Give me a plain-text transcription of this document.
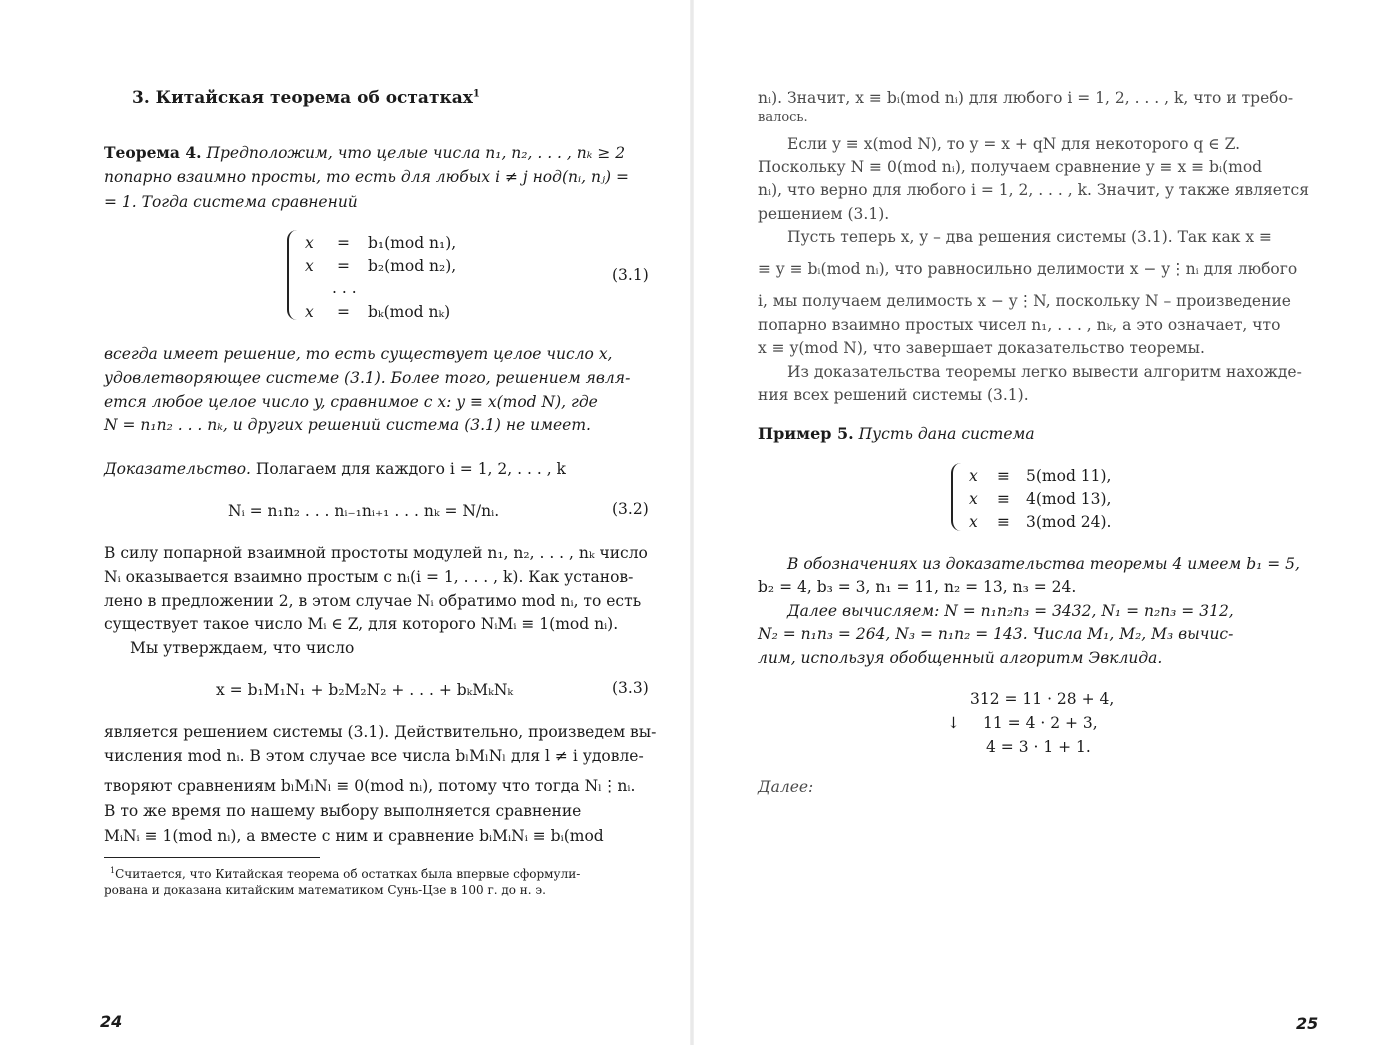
3. Китайская теорема об остатках$^1$
Теорема 4. Предположим, что целые числа n₁, n₂, . . . , nₖ ≥ 2
попарно взаимно просты, то есть для любых i ≠ j нод(nᵢ, nⱼ) =
= 1. Тогда система сравнений
x = b₁(mod n₁),
x = b₂(mod n₂),
. . .
x = bₖ(mod nₖ)
(3.1)
всегда имеет решение, то есть существует целое число x,
удовлетворяющее системе (3.1). Более того, решением явля-
ется любое целое число y, сравнимое с x: y ≡ x(mod N), где
N = n₁n₂ . . . nₖ, и других решений система (3.1) не имеет.
Доказательство. Полагаем для каждого i = 1, 2, . . . , k
Nᵢ = n₁n₂ . . . nᵢ₋₁nᵢ₊₁ . . . nₖ = N/nᵢ.	(3.2)
В силу попарной взаимной простоты модулей n₁, n₂, . . . , nₖ число
Nᵢ оказывается взаимно простым с nᵢ(i = 1, . . . , k). Как установ-
лено в предложении 2, в этом случае Nᵢ обратимо mod nᵢ, то есть
существует такое число Mᵢ ∈ Z, для которого NᵢMᵢ ≡ 1(mod nᵢ).
Мы утверждаем, что число
x = b₁M₁N₁ + b₂M₂N₂ + . . . + bₖMₖNₖ	(3.3)
является решением системы (3.1). Действительно, произведем вы-
числения mod nᵢ. В этом случае все числа bₗMₗNₗ для l ≠ i удовле-
творяют сравнениям bₗMₗNₗ ≡ 0(mod nᵢ), потому что тогда Nₗ⋮nᵢ.
В то же время по нашему выбору выполняется сравнение
MᵢNᵢ ≡ 1(mod nᵢ), а вместе с ним и сравнение bᵢMᵢNᵢ ≡ bᵢ(mod
$^1$Считается, что Китайская теорема об остатках была впервые сформули-
рована и доказана китайским математиком Сунь-Цзе в 100 г. до н. э.
24
nᵢ). Значит, x ≡ bᵢ(mod nᵢ) для любого i = 1, 2, . . . , k, что и требо-
валось.
Если y ≡ x(mod N), то y = x + qN для некоторого q ∈ Z.
Поскольку N ≡ 0(mod nᵢ), получаем сравнение y ≡ x ≡ bᵢ(mod
nᵢ), что верно для любого i = 1, 2, . . . , k. Значит, y также является
решением (3.1).
Пусть теперь x, y – два решения системы (3.1). Так как x ≡
≡ y ≡ bᵢ(mod nᵢ), что равносильно делимости x − y⋮nᵢ для любого
i, мы получаем делимость x − y⋮N, поскольку N – произведение
попарно взаимно простых чисел n₁, . . . , nₖ, а это означает, что
x ≡ y(mod N), что завершает доказательство теоремы.
Из доказательства теоремы легко вывести алгоритм нахожде-
ния всех решений системы (3.1).
Пример 5. Пусть дана система
x ≡ 5(mod 11),
x ≡ 4(mod 13),
x ≡ 3(mod 24).
В обозначениях из доказательства теоремы 4 имеем b₁ = 5,
b₂ = 4, b₃ = 3, n₁ = 11, n₂ = 13, n₃ = 24.
Далее вычисляем: N = n₁n₂n₃ = 3432, N₁ = n₂n₃ = 312,
N₂ = n₁n₃ = 264, N₃ = n₁n₂ = 143. Числа M₁, M₂, M₃ вычис-
лим, используя обобщенный алгоритм Эвклида.
312 = 11 · 28 + 4,
11 = 4 · 2 + 3,
4 = 3 · 1 + 1.
↓
Далее:
25
